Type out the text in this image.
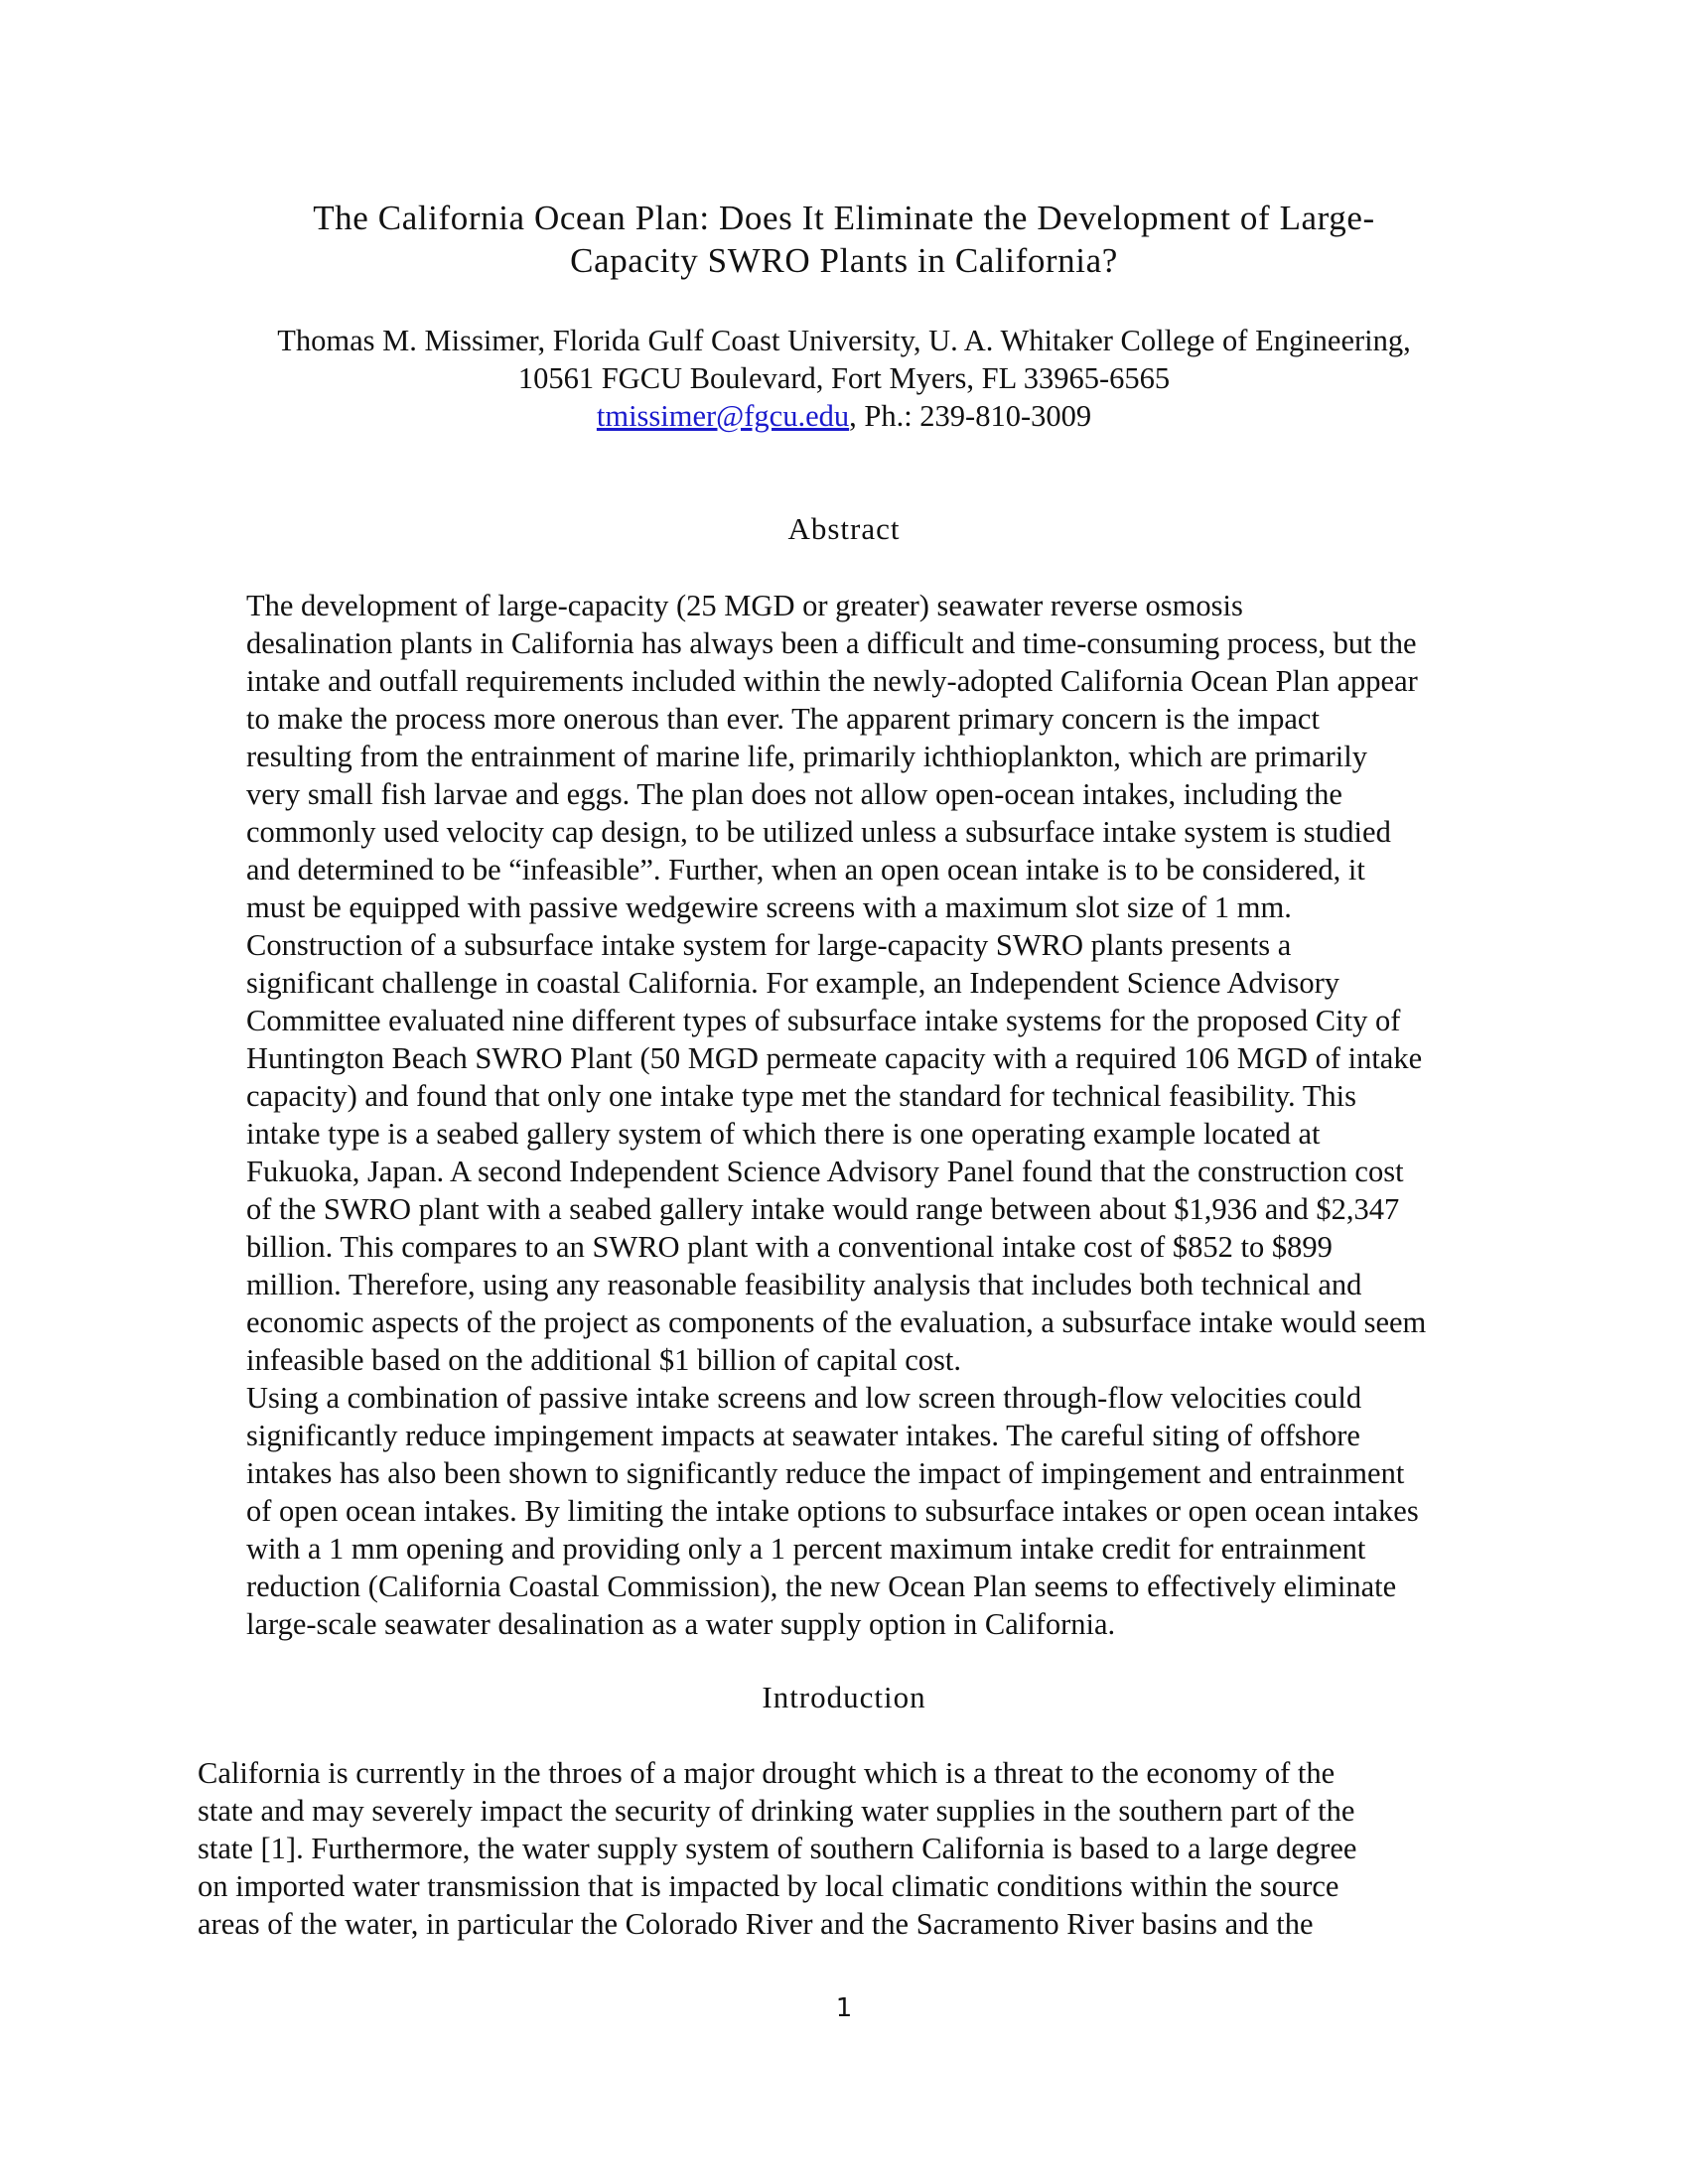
The California Ocean Plan: Does It Eliminate the Development of Large-
Capacity SWRO Plants in California?
Thomas M. Missimer, Florida Gulf Coast University, U. A. Whitaker College of Engineering,
10561 FGCU Boulevard, Fort Myers, FL 33965-6565
tmissimer@fgcu.edu, Ph.: 239-810-3009
Abstract

The development of large-capacity (25 MGD or greater) seawater reverse osmosis
desalination plants in California has always been a difficult and time-consuming process, but the
intake and outfall requirements included within the newly-adopted California Ocean Plan appear
to make the process more onerous than ever. The apparent primary concern is the impact
resulting from the entrainment of marine life, primarily ichthioplankton, which are primarily
very small fish larvae and eggs. The plan does not allow open-ocean intakes, including the
commonly used velocity cap design, to be utilized unless a subsurface intake system is studied
and determined to be “infeasible”. Further, when an open ocean intake is to be considered, it
must be equipped with passive wedgewire screens with a maximum slot size of 1 mm.

Construction of a subsurface intake system for large-capacity SWRO plants presents a
significant challenge in coastal California. For example, an Independent Science Advisory
Committee evaluated nine different types of subsurface intake systems for the proposed City of
Huntington Beach SWRO Plant (50 MGD permeate capacity with a required 106 MGD of intake
capacity) and found that only one intake type met the standard for technical feasibility. This
intake type is a seabed gallery system of which there is one operating example located at
Fukuoka, Japan. A second Independent Science Advisory Panel found that the construction cost
of the SWRO plant with a seabed gallery intake would range between about $1,936 and $2,347
billion. This compares to an SWRO plant with a conventional intake cost of $852 to $899
million. Therefore, using any reasonable feasibility analysis that includes both technical and
economic aspects of the project as components of the evaluation, a subsurface intake would seem
infeasible based on the additional $1 billion of capital cost.

Using a combination of passive intake screens and low screen through-flow velocities could
significantly reduce impingement impacts at seawater intakes. The careful siting of offshore
intakes has also been shown to significantly reduce the impact of impingement and entrainment
of open ocean intakes. By limiting the intake options to subsurface intakes or open ocean intakes
with a 1 mm opening and providing only a 1 percent maximum intake credit for entrainment
reduction (California Coastal Commission), the new Ocean Plan seems to effectively eliminate
large-scale seawater desalination as a water supply option in California.

Introduction

California is currently in the throes of a major drought which is a threat to the economy of the
state and may severely impact the security of drinking water supplies in the southern part of the
state [1]. Furthermore, the water supply system of southern California is based to a large degree
on imported water transmission that is impacted by local climatic conditions within the source
areas of the water, in particular the Colorado River and the Sacramento River basins and the

1
